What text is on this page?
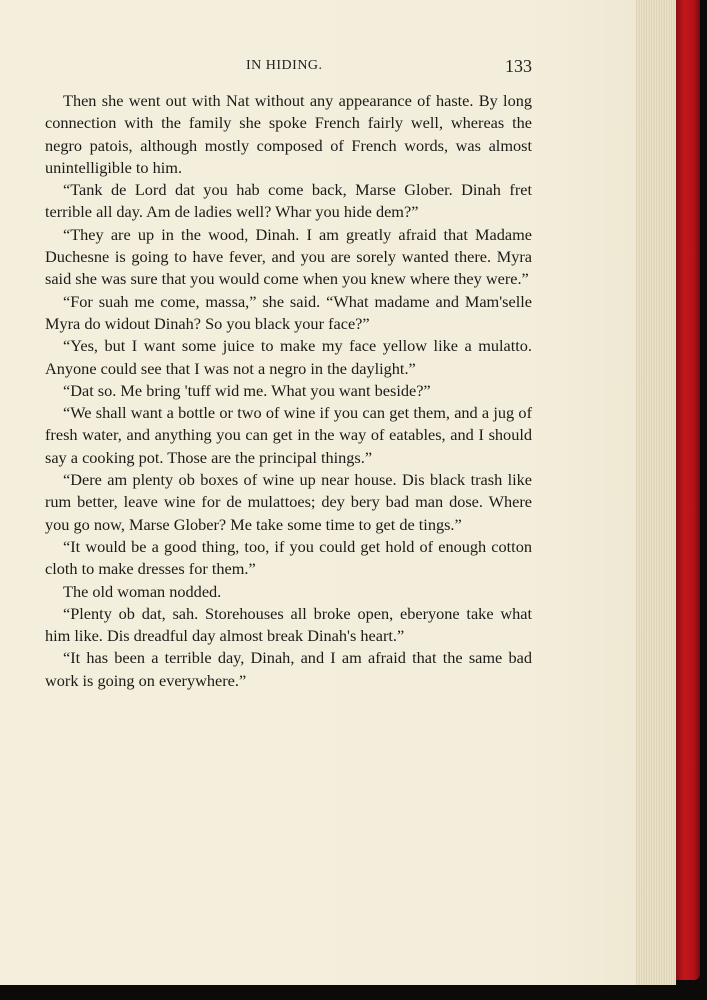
IN HIDING.	133

Then she went out with Nat without any appearance of haste. By long connection with the family she spoke French fairly well, whereas the negro patois, although mostly composed of French words, was almost unintelligible to him.

“Tank de Lord dat you hab come back, Marse Glober. Dinah fret terrible all day. Am de ladies well? Whar you hide dem?”

“They are up in the wood, Dinah. I am greatly afraid that Madame Duchesne is going to have fever, and you are sorely wanted there. Myra said she was sure that you would come when you knew where they were.”

“For suah me come, massa,” she said. “What madame and Mam'selle Myra do widout Dinah? So you black your face?”

“Yes, but I want some juice to make my face yellow like a mulatto. Anyone could see that I was not a negro in the daylight.”

“Dat so. Me bring 'tuff wid me. What you want beside?”

“We shall want a bottle or two of wine if you can get them, and a jug of fresh water, and anything you can get in the way of eatables, and I should say a cooking pot. Those are the principal things.”

“Dere am plenty ob boxes of wine up near house. Dis black trash like rum better, leave wine for de mulattoes; dey bery bad man dose. Where you go now, Marse Glober? Me take some time to get de tings.”

“It would be a good thing, too, if you could get hold of enough cotton cloth to make dresses for them.”

The old woman nodded.

“Plenty ob dat, sah. Storehouses all broke open, eberyone take what him like. Dis dreadful day almost break Dinah's heart.”

“It has been a terrible day, Dinah, and I am afraid that the same bad work is going on everywhere.”
